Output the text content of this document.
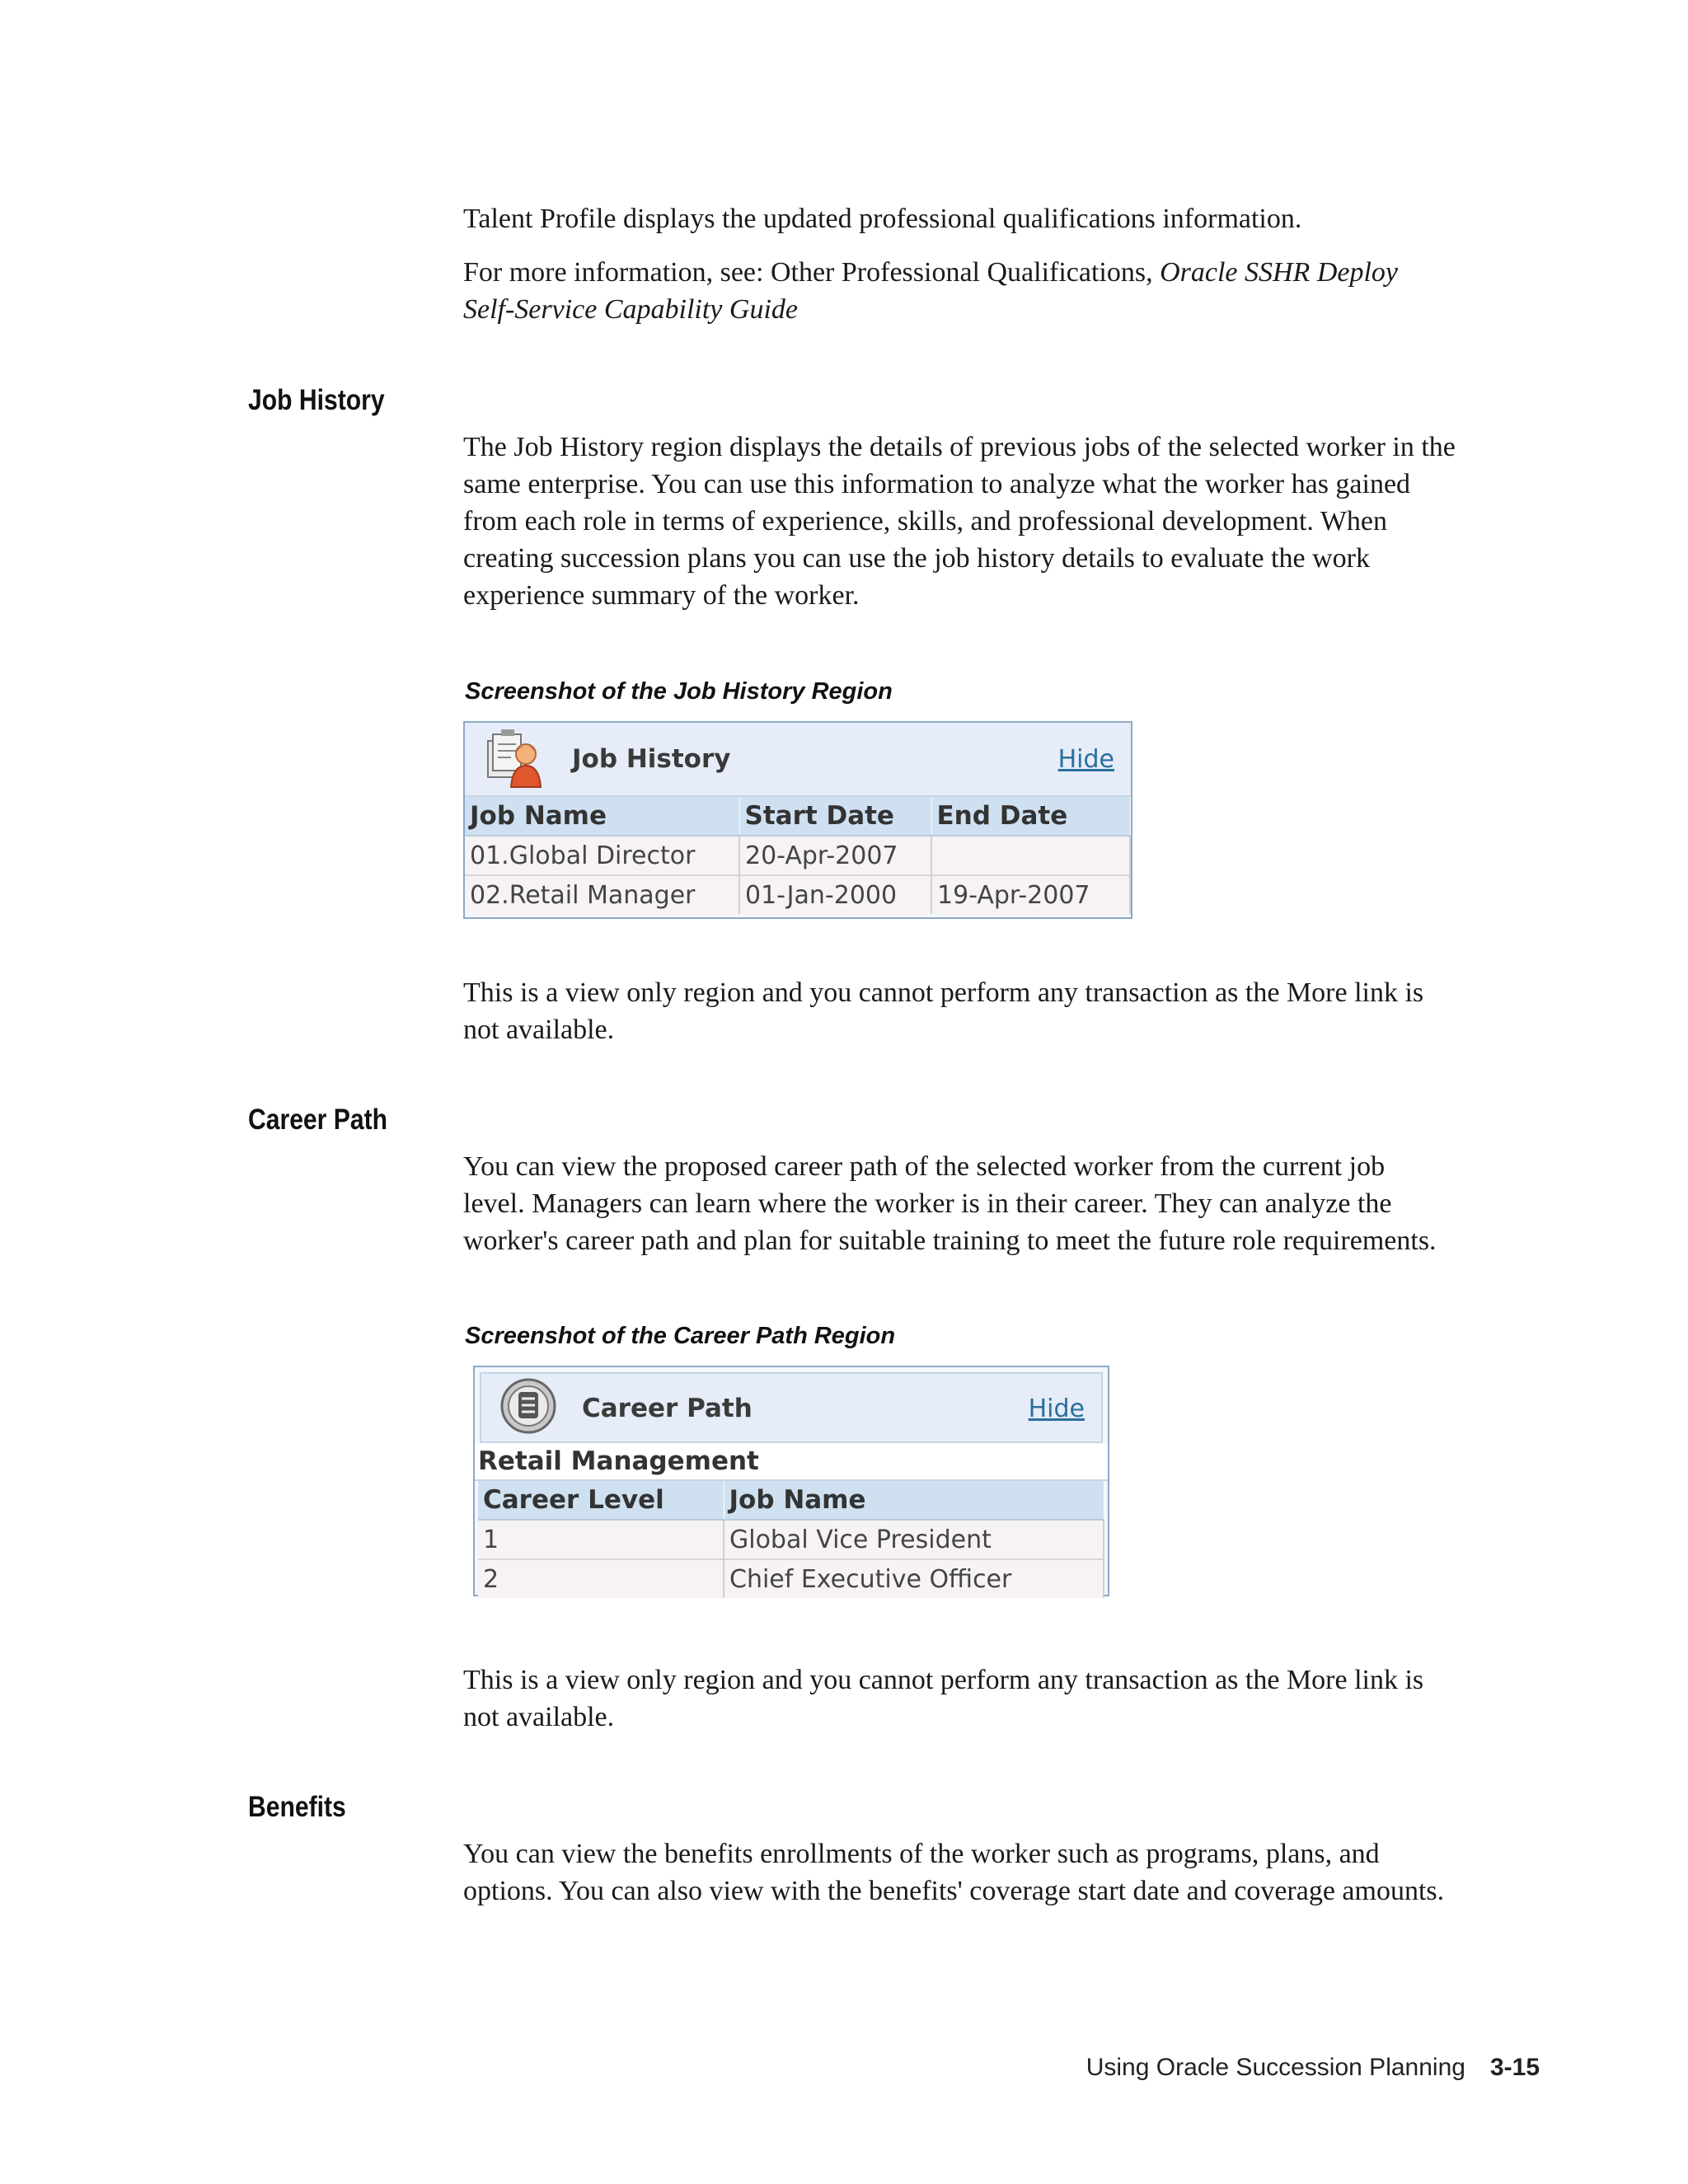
Talent Profile displays the updated professional qualifications information.

For more information, see: Other Professional Qualifications, Oracle SSHR Deploy
Self-Service Capability Guide

Job History

The Job History region displays the details of previous jobs of the selected worker in the
same enterprise. You can use this information to analyze what the worker has gained
from each role in terms of experience, skills, and professional development. When
creating succession plans you can use the job history details to evaluate the work
experience summary of the worker.

Screenshot of the Job History Region

Job History	Hide
Job Name	Start Date	End Date
01.Global Director	20-Apr-2007	
02.Retail Manager	01-Jan-2000	19-Apr-2007

This is a view only region and you cannot perform any transaction as the More link is
not available.

Career Path

You can view the proposed career path of the selected worker from the current job
level. Managers can learn where the worker is in their career. They can analyze the
worker's career path and plan for suitable training to meet the future role requirements.

Screenshot of the Career Path Region

Career Path	Hide
Retail Management
Career Level	Job Name
1	Global Vice President
2	Chief Executive Officer

This is a view only region and you cannot perform any transaction as the More link is
not available.

Benefits

You can view the benefits enrollments of the worker such as programs, plans, and
options. You can also view with the benefits' coverage start date and coverage amounts.

Using Oracle Succession Planning 3-15
